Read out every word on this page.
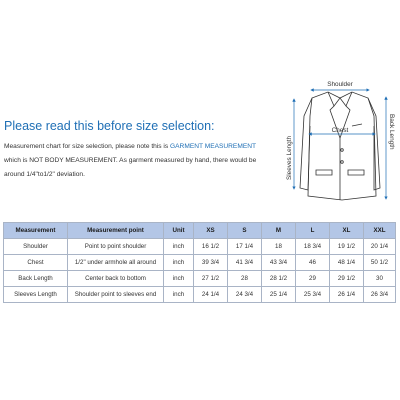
Please read this before size selection:

Measurement chart for size selection, please note this is GARMENT MEASUREMENT

which is NOT BODY MEASUREMENT. As garment measured by hand, there would be

around 1/4"to1/2" deviation.

Shoulder
Chest	Back Length
Sleeves Length
Measurement	Measurement point	Unit	XS	S	M	L	XL	XXL
Shoulder	Point to point shoulder	inch	16 1/2	17 1/4	18	18 3/4	19 1/2	20 1/4
Chest	1/2" under armhole all around	inch	39 3/4	41 3/4	43 3/4	46	48 1/4	50 1/2
Back Length	Center back to bottom	inch	27 1/2	28	28 1/2	29	29 1/2	30
Sleeves Length	Shoulder point to sleeves end	inch	24 1/4	24 3/4	25 1/4	25 3/4	26 1/4	26 3/4
